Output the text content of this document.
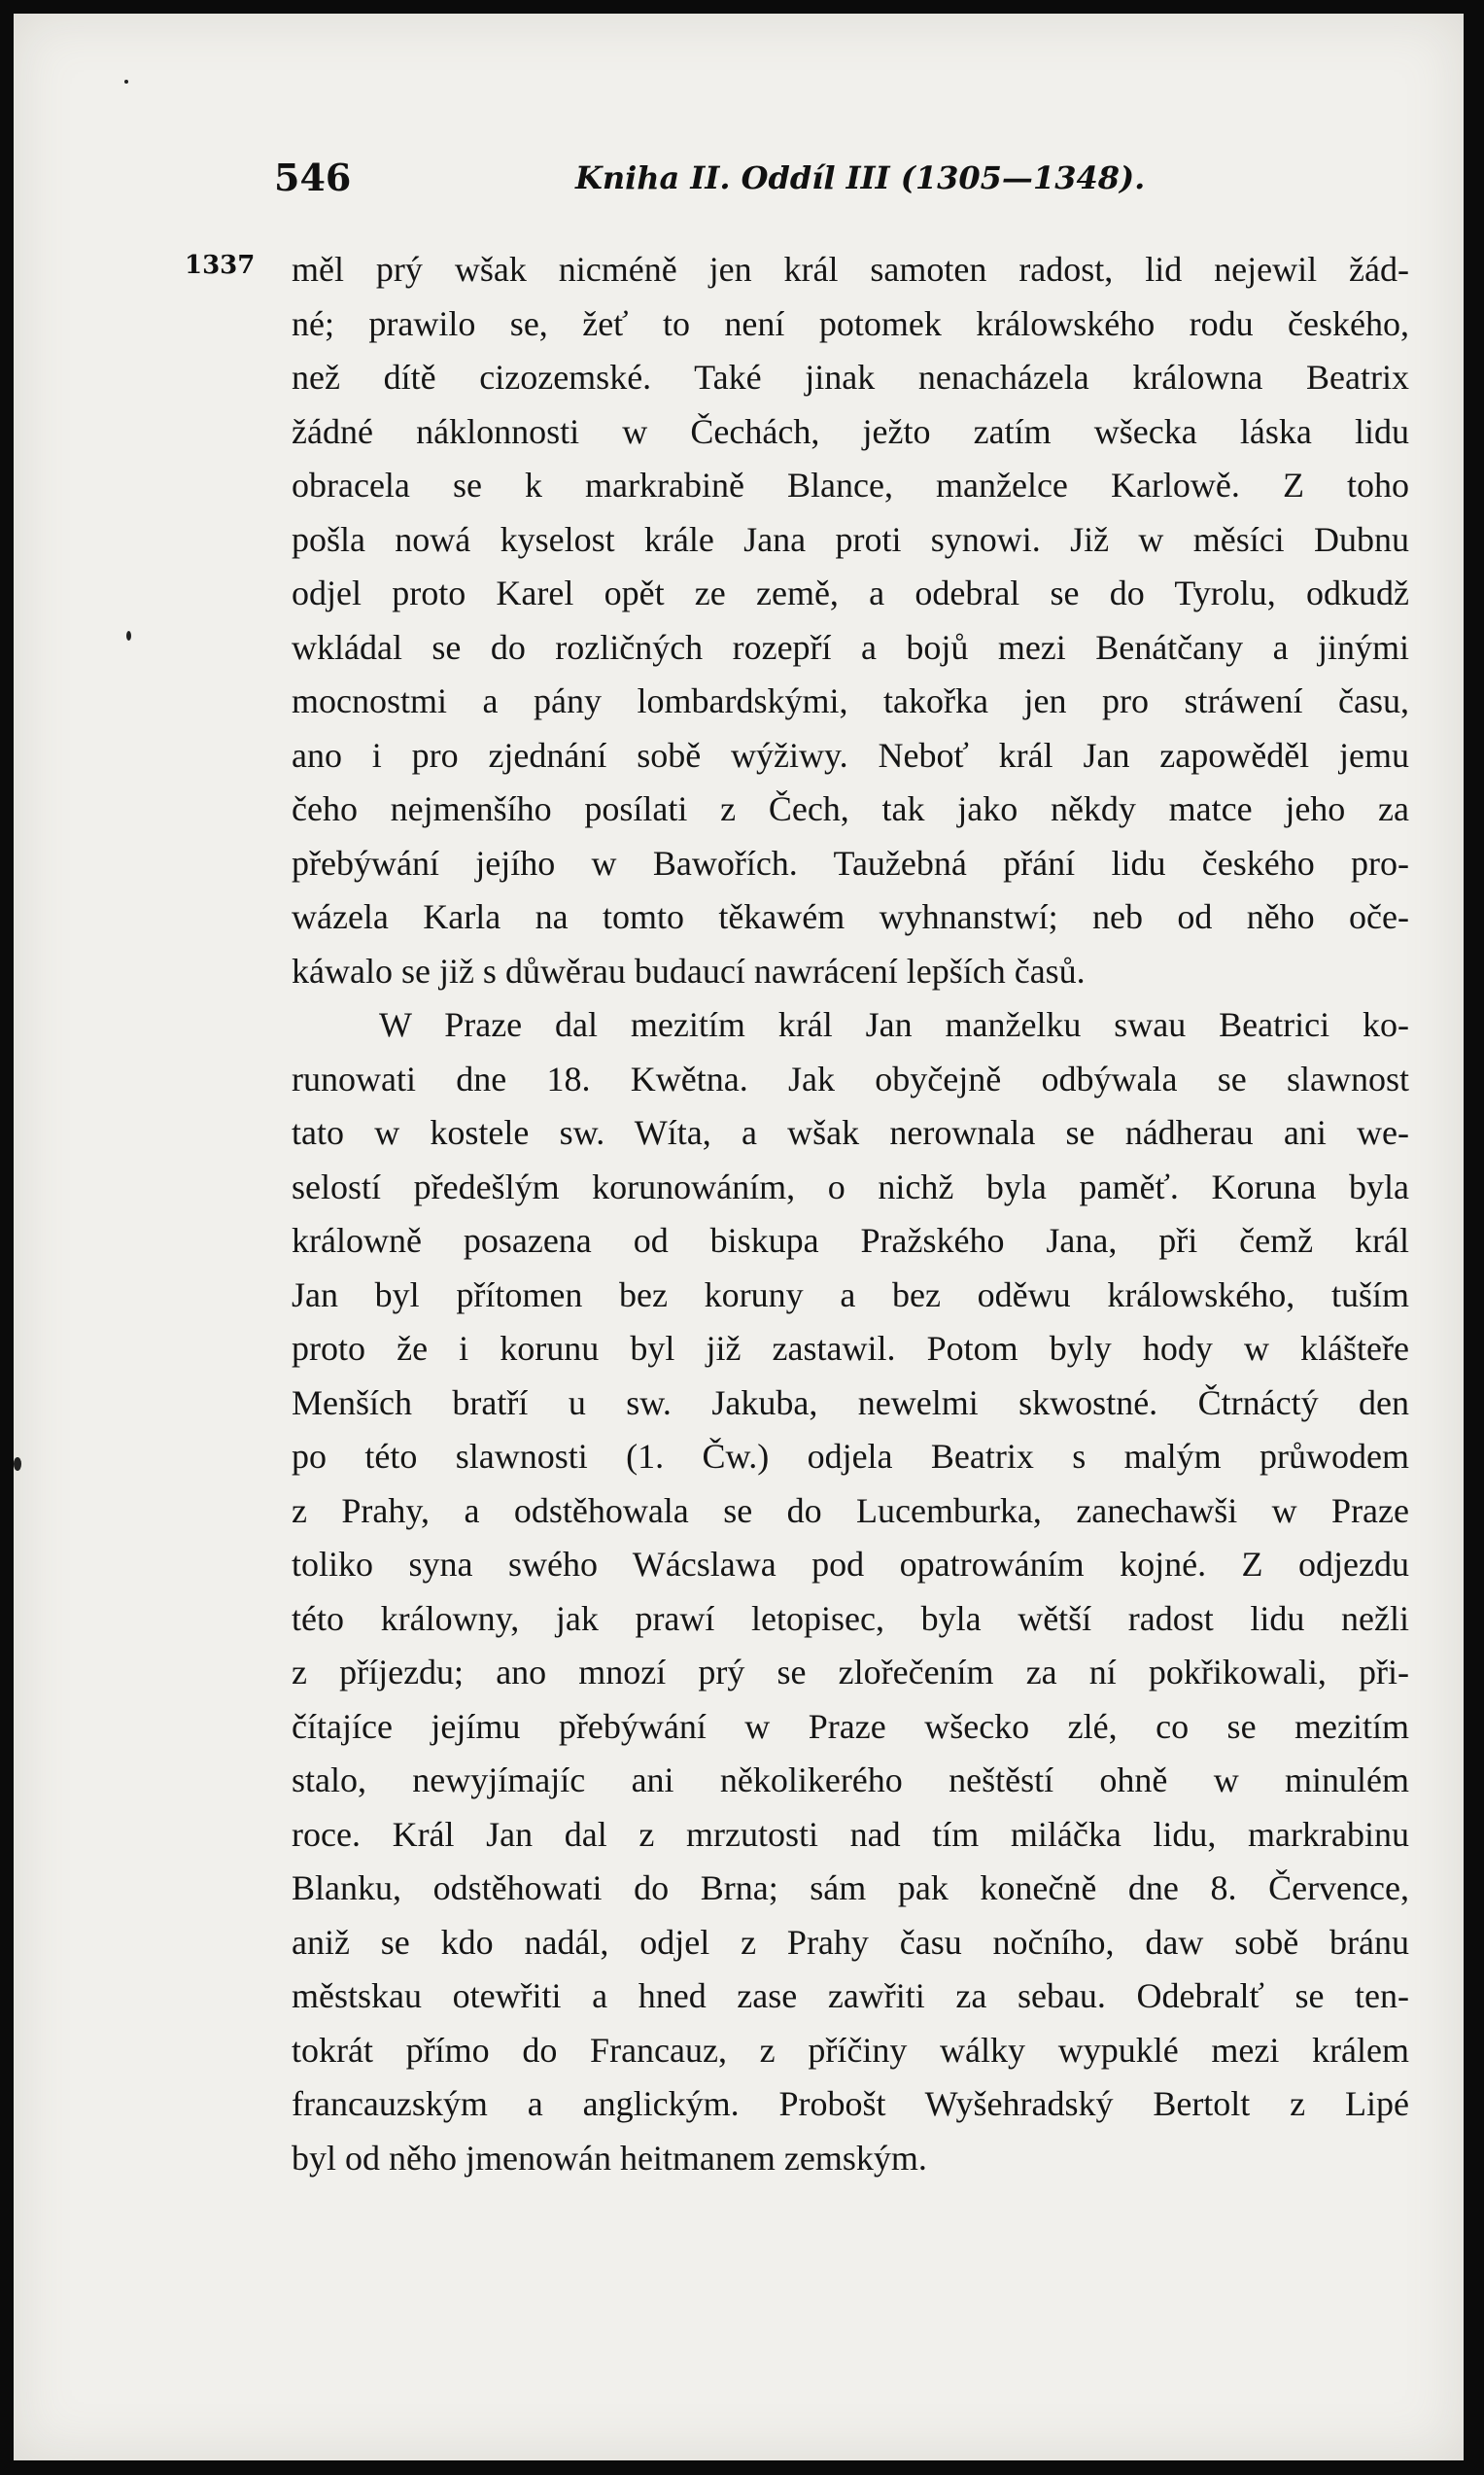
546	Kniha II. Oddíl III (1305—1348).
1337 měl prý wšak nicméně jen král samoten radost, lid nejewil žád-
né; prawilo se, žeť to není potomek králowského rodu českého,
než dítě cizozemské. Také jinak nenacházela králowna Beatrix
žádné náklonnosti w Čechách, ježto zatím wšecka láska lidu
obracela se k markrabině Blance, manželce Karlowě. Z toho
pošla nowá kyselost krále Jana proti synowi. Již w měsíci Dubnu
odjel proto Karel opět ze země, a odebral se do Tyrolu, odkudž
wkládal se do rozličných rozepří a bojů mezi Benátčany a jinými
mocnostmi a pány lombardskými, takořka jen pro stráwení času,
ano i pro zjednání sobě wýžiwy. Neboť král Jan zapowěděl jemu
čeho nejmenšího posílati z Čech, tak jako někdy matce jeho za
přebýwání jejího w Bawořích. Taužebná přání lidu českého pro-
wázela Karla na tomto těkawém wyhnanstwí; neb od něho oče-
káwalo se již s důwěrau budaucí nawrácení lepších časů.
W Praze dal mezitím král Jan manželku swau Beatrici ko-
runowati dne 18. Kwětna. Jak obyčejně odbýwala se slawnost
tato w kostele sw. Wíta, a wšak nerownala se nádherau ani we-
selostí předešlým korunowáním, o nichž byla paměť. Koruna byla
králowně posazena od biskupa Pražského Jana, při čemž král
Jan byl přítomen bez koruny a bez oděwu králowského, tuším
proto že i korunu byl již zastawil. Potom byly hody w klášteře
Menších bratří u sw. Jakuba, newelmi skwostné. Čtrnáctý den
po této slawnosti (1. Čw.) odjela Beatrix s malým průwodem
z Prahy, a odstěhowala se do Lucemburka, zanechawši w Praze
toliko syna swého Wácslawa pod opatrowáním kojné. Z odjezdu
této králowny, jak prawí letopisec, byla wětší radost lidu nežli
z příjezdu; ano mnozí prý se zlořečením za ní pokřikowali, při-
čítajíce jejímu přebýwání w Praze wšecko zlé, co se mezitím
stalo, newyjímajíc ani několikerého neštěstí ohně w minulém
roce. Král Jan dal z mrzutosti nad tím miláčka lidu, markrabinu
Blanku, odstěhowati do Brna; sám pak konečně dne 8. Července,
aniž se kdo nadál, odjel z Prahy času nočního, daw sobě bránu
městskau otewřiti a hned zase zawřiti za sebau. Odebralť se ten-
tokrát přímo do Francauz, z příčiny wálky wypuklé mezi králem
francauzským a anglickým. Probošt Wyšehradský Bertolt z Lipé
byl od něho jmenowán heitmanem zemským.
